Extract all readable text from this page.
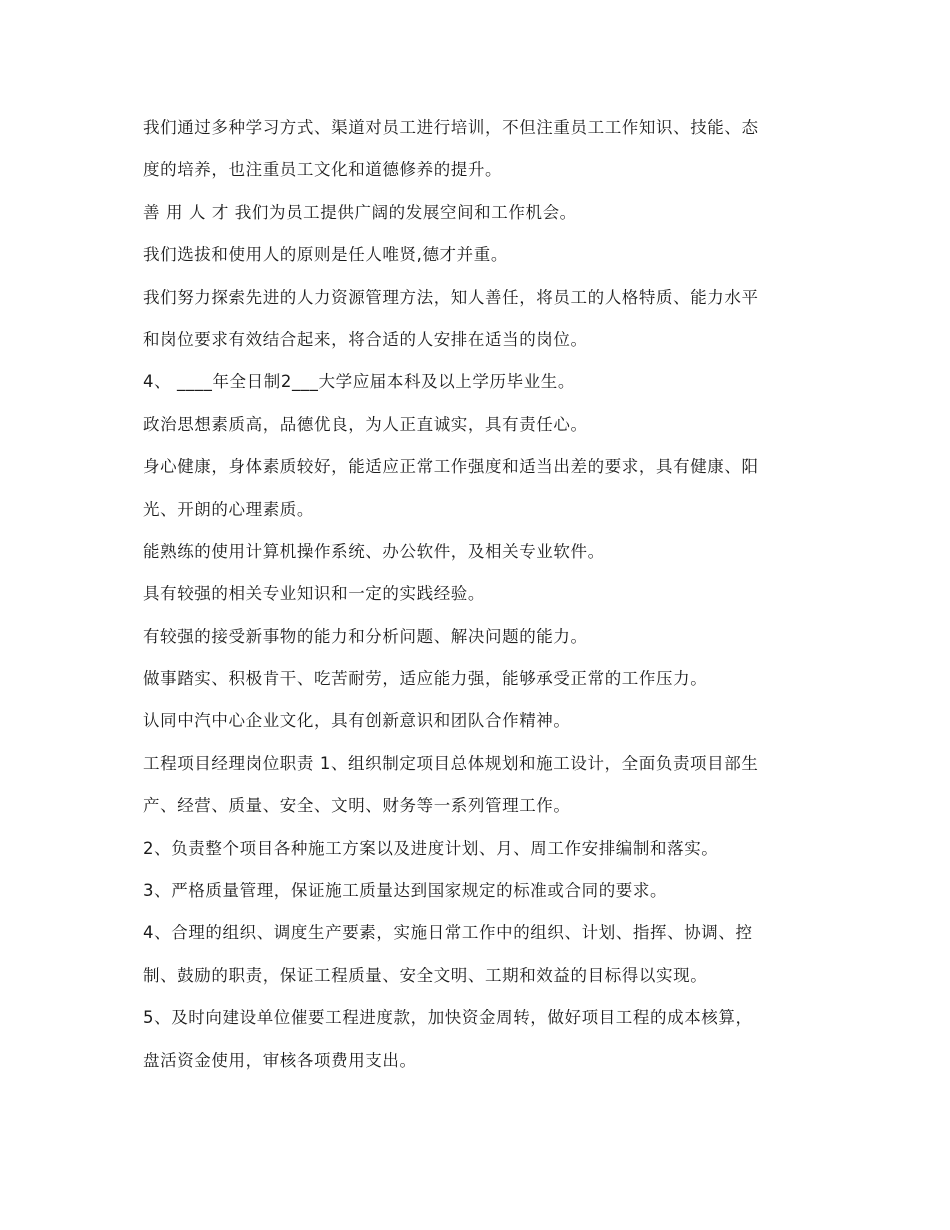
我们通过多种学习方式、渠道对员工进行培训，不但注重员工工作知识、技能、态
度的培养，也注重员工文化和道德修养的提升。
善 用 人 才 我们为员工提供广阔的发展空间和工作机会。
我们选拔和使用人的原则是任人唯贤,德才并重。
我们努力探索先进的人力资源管理方法，知人善任，将员工的人格特质、能力水平
和岗位要求有效结合起来，将合适的人安排在适当的岗位。
4、 ____年全日制2___大学应届本科及以上学历毕业生。
政治思想素质高，品德优良，为人正直诚实，具有责任心。
身心健康，身体素质较好，能适应正常工作强度和适当出差的要求，具有健康、阳
光、开朗的心理素质。
能熟练的使用计算机操作系统、办公软件，及相关专业软件。
具有较强的相关专业知识和一定的实践经验。
有较强的接受新事物的能力和分析问题、解决问题的能力。
做事踏实、积极肯干、吃苦耐劳，适应能力强，能够承受正常的工作压力。
认同中汽中心企业文化，具有创新意识和团队合作精神。
工程项目经理岗位职责 1、组织制定项目总体规划和施工设计，全面负责项目部生
产、经营、质量、安全、文明、财务等一系列管理工作。
2、负责整个项目各种施工方案以及进度计划、月、周工作安排编制和落实。
3、严格质量管理，保证施工质量达到国家规定的标准或合同的要求。
4、合理的组织、调度生产要素，实施日常工作中的组织、计划、指挥、协调、控
制、鼓励的职责，保证工程质量、安全文明、工期和效益的目标得以实现。
5、及时向建设单位催要工程进度款，加快资金周转，做好项目工程的成本核算，
盘活资金使用，审核各项费用支出。
